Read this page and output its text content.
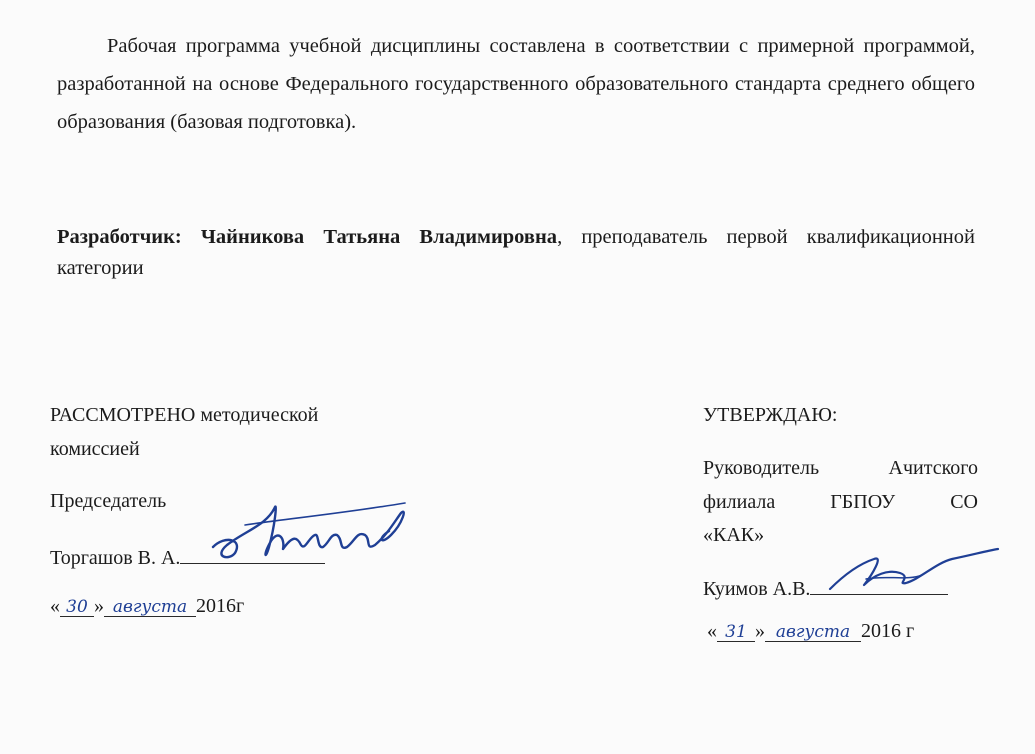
Рабочая программа учебной дисциплины составлена в соответствии с примерной программой, разработанной на основе Федерального государственного образовательного стандарта среднего общего образования (базовая подготовка).
Разработчик: Чайникова Татьяна Владимировна, преподаватель первой квалификационной категории
РАССМОТРЕНО методической
комиссией
Председатель
Торгашов В. А.
« 30 » августа 2016г
УТВЕРЖДАЮ:
Руководитель	Ачитского
филиала	ГБПОУ	СО
«КАК»
Куимов А.В.
« 31 » августа 2016 г
